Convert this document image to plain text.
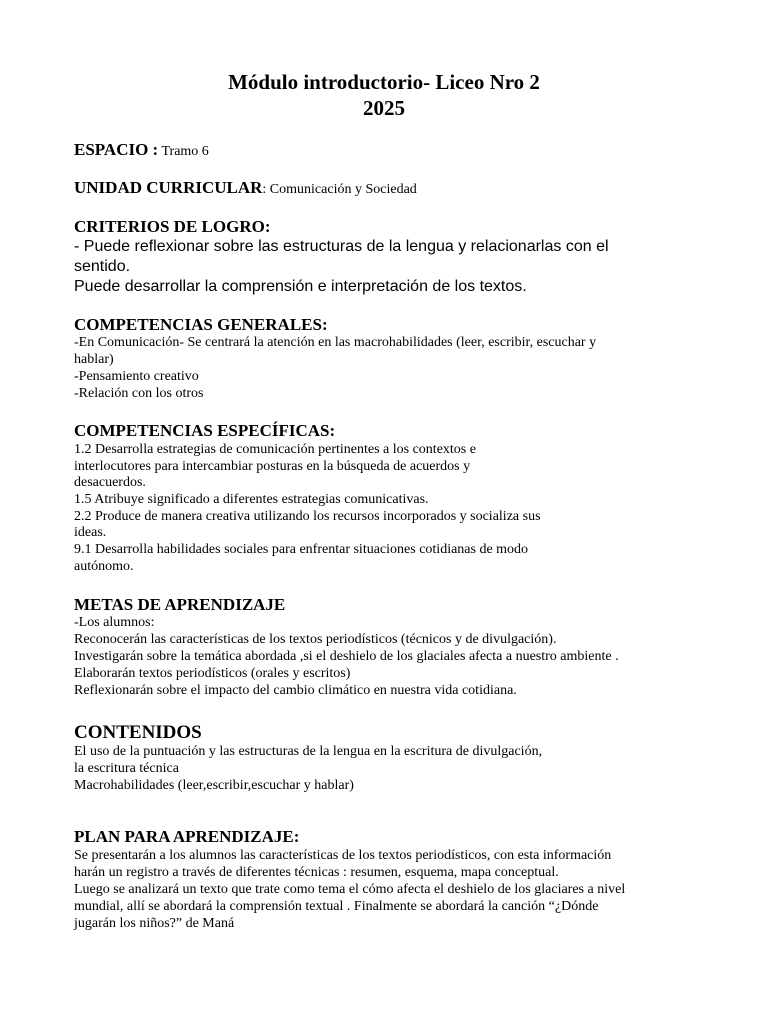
Módulo introductorio- Liceo Nro 2

2025

ESPACIO : Tramo 6

UNIDAD CURRICULAR: Comunicación y Sociedad

CRITERIOS DE LOGRO:

- Puede reflexionar sobre las estructuras de la lengua y relacionarlas con el

sentido.

Puede desarrollar la comprensión e interpretación de los textos.

COMPETENCIAS GENERALES:

-En Comunicación- Se centrará la atención en las macrohabilidades (leer, escribir, escuchar y

hablar)

-Pensamiento creativo

-Relación con los otros

COMPETENCIAS ESPECÍFICAS:

1.2 Desarrolla estrategias de comunicación pertinentes a los contextos e

interlocutores para intercambiar posturas en la búsqueda de acuerdos y

desacuerdos.

1.5 Atribuye significado a diferentes estrategias comunicativas.

2.2 Produce de manera creativa utilizando los recursos incorporados y socializa sus

ideas.

9.1 Desarrolla habilidades sociales para enfrentar situaciones cotidianas de modo

autónomo.

METAS DE APRENDIZAJE

-Los alumnos:

Reconocerán las características de los textos periodísticos (técnicos y de divulgación).

Investigarán sobre la temática abordada ,si el deshielo de los glaciales afecta a nuestro ambiente .

Elaborarán textos periodísticos (orales y escritos)

Reflexionarán sobre el impacto del cambio climático en nuestra vida cotidiana.

CONTENIDOS

El uso de la puntuación y las estructuras de la lengua en la escritura de divulgación,

la escritura técnica

Macrohabilidades (leer,escribir,escuchar y hablar)

PLAN PARA APRENDIZAJE:

Se presentarán a los alumnos las características de los textos periodísticos, con esta información

harán un registro a través de diferentes técnicas : resumen, esquema, mapa conceptual.

Luego se analizará un texto que trate como tema el cómo afecta el deshielo de los glaciares a nivel

mundial, allí se abordará la comprensión textual . Finalmente se abordará la canción “¿Dónde

jugarán los niños?” de Maná
